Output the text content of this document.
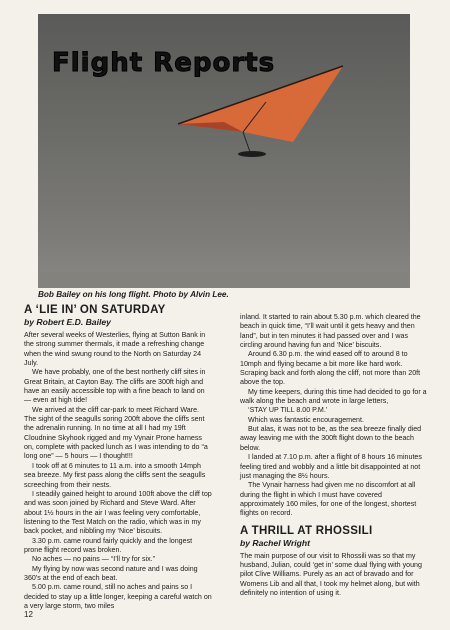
Flight Reports
Bob Bailey on his long flight. Photo by Alvin Lee.
A ‘LIE IN’ ON SATURDAY
by Robert E.D. Bailey

After several weeks of Westerlies, flying at Sutton Bank in the strong summer thermals, it made a refreshing change when the wind swung round to the North on Saturday 24 July.

We have probably, one of the best northerly cliff sites in Great Britain, at Cayton Bay. The cliffs are 300ft high and have an easily accessible top with a fine beach to land on — even at high tide!

We arrived at the cliff car-park to meet Richard Ware. The sight of the seagulls soring 200ft above the cliffs sent the adrenalin running. In no time at all I had my 19ft Cloudnine Skyhook rigged and my Vynair Prone harness on, complete with packed lunch as I was intending to do “a long one” — 5 hours — I thought!!!

I took off at 6 minutes to 11 a.m. into a smooth 14mph sea breeze. My first pass along the cliffs sent the seagulls screeching from their nests.

I steadily gained height to around 100ft above the cliff top and was soon joined by Richard and Steve Ward. After about 1½ hours in the air I was feeling very comfortable, listening to the Test Match on the radio, which was in my back pocket, and nibbling my ‘Nice’ biscuits.

3.30 p.m. came round fairly quickly and the longest prone flight record was broken.

No aches — no pains — “I’ll try for six.”

My flying by now was second nature and I was doing 360’s at the end of each beat.

5.00 p.m. came round, still no aches and pains so I decided to stay up a little longer, keeping a careful watch on a very large storm, two miles

inland. It started to rain about 5.30 p.m. which cleared the beach in quick time, “I’ll wait until it gets heavy and then land”, but in ten minutes it had passed over and I was circling around having fun and ‘Nice’ biscuits.

Around 6.30 p.m. the wind eased off to around 8 to 10mph and flying became a bit more like hard work. Scraping back and forth along the cliff, not more than 20ft above the top.

My time keepers, during this time had decided to go for a walk along the beach and wrote in large letters,

‘STAY UP TILL 8.00 P.M.’

Which was fantastic encouragement.

But alas, it was not to be, as the sea breeze finally died away leaving me with the 300ft flight down to the beach below.

I landed at 7.10 p.m. after a flight of 8 hours 16 minutes feeling tired and wobbly and a little bit disappointed at not just managing the 8½ hours.

The Vynair harness had given me no discomfort at all during the flight in which I must have covered approximately 160 miles, for one of the longest, shortest flights on record.

A THRILL AT RHOSSILI
by Rachel Wright

The main purpose of our visit to Rhossili was so that my husband, Julian, could ‘get in’ some dual flying with young pilot Clive Williams. Purely as an act of bravado and for Womens Lib and all that, I took my helmet along, but with definitely no intention of using it.

12
